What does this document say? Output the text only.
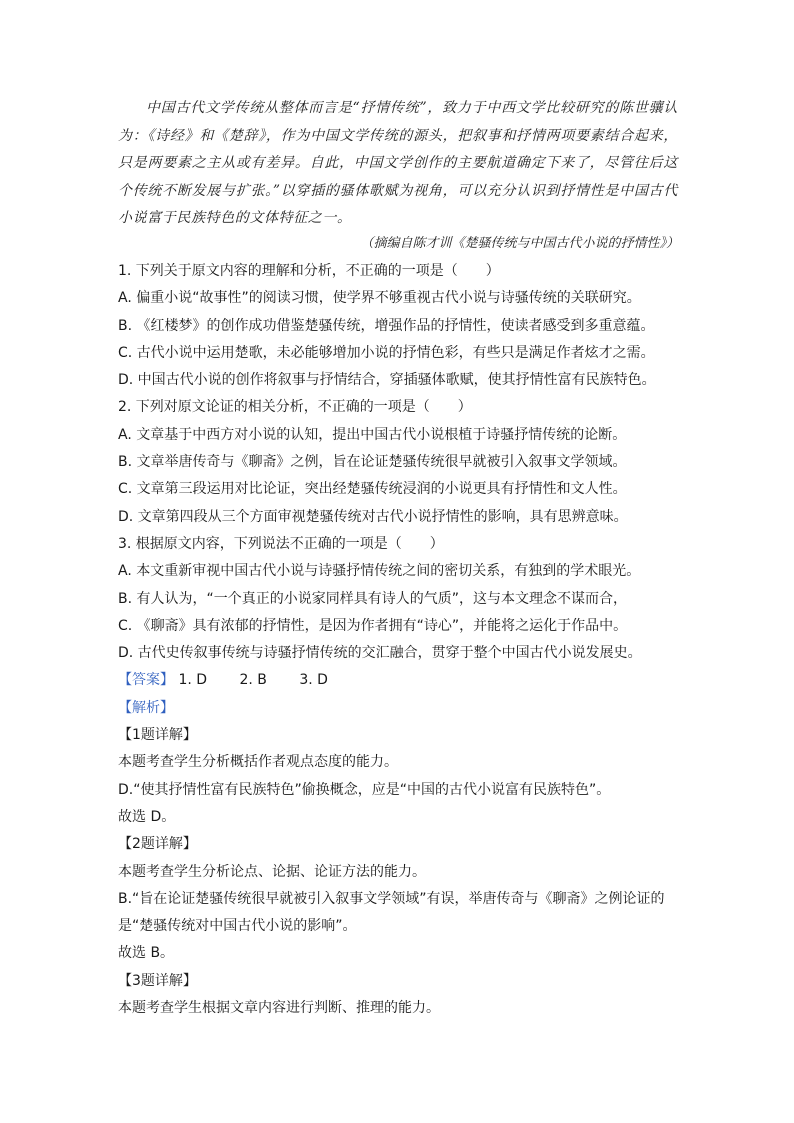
中国古代文学传统从整体而言是“抒情传统”，致力于中西文学比较研究的陈世骧认为：《诗经》和《楚辞》，作为中国文学传统的源头，把叙事和抒情两项要素结合起来，只是两要素之主从或有差异。自此，中国文学创作的主要航道确定下来了，尽管往后这个传统不断发展与扩张。”以穿插的骚体歌赋为视角，可以充分认识到抒情性是中国古代小说富于民族特色的文体特征之一。

（摘编自陈才训《楚骚传统与中国古代小说的抒情性》）
1. 下列关于原文内容的理解和分析，不正确的一项是（　　）
A. 偏重小说“故事性”的阅读习惯，使学界不够重视古代小说与诗骚传统的关联研究。
B. 《红楼梦》的创作成功借鉴楚骚传统，增强作品的抒情性，使读者感受到多重意蕴。
C. 古代小说中运用楚歌，未必能够增加小说的抒情色彩，有些只是满足作者炫才之需。
D. 中国古代小说的创作将叙事与抒情结合，穿插骚体歌赋，使其抒情性富有民族特色。
2. 下列对原文论证的相关分析，不正确的一项是（　　）
A. 文章基于中西方对小说的认知，提出中国古代小说根植于诗骚抒情传统的论断。
B. 文章举唐传奇与《聊斋》之例，旨在论证楚骚传统很早就被引入叙事文学领域。
C. 文章第三段运用对比论证，突出经楚骚传统浸润的小说更具有抒情性和文人性。
D. 文章第四段从三个方面审视楚骚传统对古代小说抒情性的影响，具有思辨意味。
3. 根据原文内容，下列说法不正确的一项是（　　）
A. 本文重新审视中国古代小说与诗骚抒情传统之间的密切关系，有独到的学术眼光。
B. 有人认为，“一个真正的小说家同样具有诗人的气质”，这与本文理念不谋而合，
C. 《聊斋》具有浓郁的抒情性，是因为作者拥有“诗心”，并能将之运化于作品中。
D. 古代史传叙事传统与诗骚抒情传统的交汇融合，贯穿于整个中国古代小说发展史。
【答案】 1. D 2. B 3. D
【解析】
【1题详解】
本题考查学生分析概括作者观点态度的能力。
D.“使其抒情性富有民族特色”偷换概念，应是“中国的古代小说富有民族特色”。
故选 D。
【2题详解】
本题考查学生分析论点、论据、论证方法的能力。
B.“旨在论证楚骚传统很早就被引入叙事文学领域”有误，举唐传奇与《聊斋》之例论证的是“楚骚传统对中国古代小说的影响”。
故选 B。
【3题详解】
本题考查学生根据文章内容进行判断、推理的能力。
